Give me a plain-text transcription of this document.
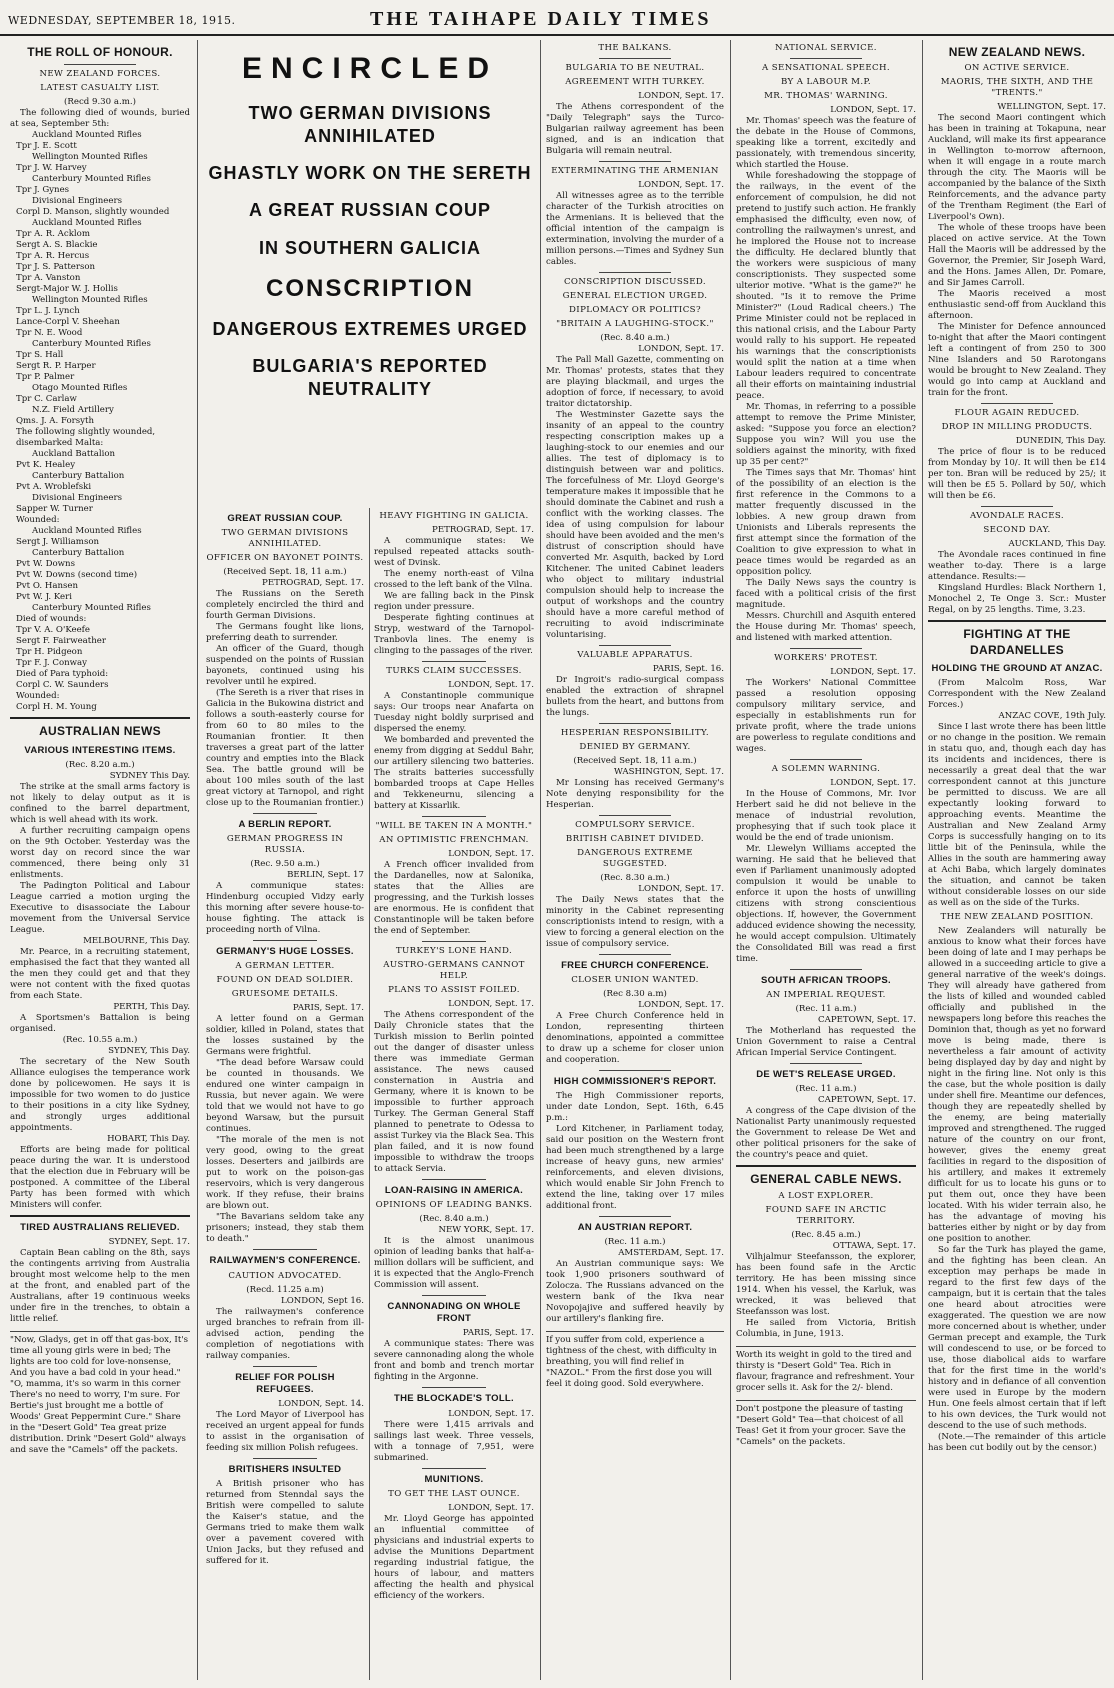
WEDNESDAY, SEPTEMBER 18, 1915.	THE TAIHAPE DAILY TIMES
THE ROLL OF HONOUR.
NEW ZEALAND FORCES.
LATEST CASUALTY LIST.
(Recd 9.30 a.m.)

The following died of wounds, buried at sea, September 5th:

Auckland Mounted Rifles
Tpr J. E. Scott
Wellington Mounted Rifles
Tpr J. W. Harvey
Canterbury Mounted Rifles
Tpr J. Gynes
Divisional Engineers
Corpl D. Manson, slightly wounded
Auckland Mounted Rifles
Tpr A. R. Acklom
Sergt A. S. Blackie
Tpr A. R. Hercus
Tpr J. S. Patterson
Tpr A. Vanston
Sergt-Major W. J. Hollis
Wellington Mounted Rifles
Tpr L. J. Lynch
Lance-Corpl V. Sheehan
Tpr N. E. Wood
Canterbury Mounted Rifles
Tpr S. Hall
Sergt R. P. Harper
Tpr P. Palmer
Otago Mounted Rifles
Tpr C. Carlaw
N.Z. Field Artillery
Qms. J. A. Forsyth
The following slightly wounded, disembarked Malta:
Auckland Battalion
Pvt K. Healey
Canterbury Battalion
Pvt A. Wroblefski
Divisional Engineers
Sapper W. Turner
Wounded:
Auckland Mounted Rifles
Sergt J. Williamson
Canterbury Battalion
Pvt W. Downs
Pvt W. Downs (second time)
Pvt O. Hansen
Pvt W. J. Keri
Canterbury Mounted Rifles
Died of wounds:
Tpr V. A. O'Keefe
Sergt F. Fairweather
Tpr H. Pidgeon
Tpr F. J. Conway
Died of Para typhoid:
Corpl C. W. Saunders
Wounded:
Corpl H. M. Young
AUSTRALIAN NEWS
VARIOUS INTERESTING ITEMS.
(Rec. 8.20 a.m.)
SYDNEY This Day.

The strike at the small arms factory is not likely to delay output as it is confined to the barrel department, which is well ahead with its work.

A further recruiting campaign opens on the 9th October. Yesterday was the worst day on record since the war commenced, there being only 31 enlistments.

The Padington Political and Labour League carried a motion urging the Executive to disassociate the Labour movement from the Universal Service League.

MELBOURNE, This Day.

Mr. Pearce, in a recruiting statement, emphasised the fact that they wanted all the men they could get and that they were not content with the fixed quotas from each State.

PERTH, This Day.

A Sportsmen's Battalion is being organised.

(Rec. 10.55 a.m.)
SYDNEY, This Day.

The secretary of the New South Alliance eulogises the temperance work done by policewomen. He says it is impossible for two women to do justice to their positions in a city like Sydney, and strongly urges additional appointments.

HOBART, This Day.

Efforts are being made for political peace during the war. It is understood that the election due in February will be postponed. A committee of the Liberal Party has been formed with which Ministers will confer.

TIRED AUSTRALIANS RELIEVED.
SYDNEY, Sept. 17.

Captain Bean cabling on the 8th, says the contingents arriving from Australia brought most welcome help to the men at the front, and enabled part of the Australians, after 19 continuous weeks under fire in the trenches, to obtain a little relief.

"Now, Gladys, get in off that gas-box, It's time all young girls were in bed; The lights are too cold for love-nonsense, And you have a bad cold in your head." "O, mamma, it's so warm in this corner There's no need to worry, I'm sure. For Bertie's just brought me a bottle of Woods' Great Peppermint Cure." Share in the "Desert Gold" Tea great prize distribution. Drink "Desert Gold" always and save the "Camels" off the packets.
ENCIRCLED
TWO GERMAN DIVISIONS ANNIHILATED
GHASTLY WORK ON THE SERETH
A GREAT RUSSIAN COUP
IN SOUTHERN GALICIA
CONSCRIPTION
DANGEROUS EXTREMES URGED
BULGARIA'S REPORTED NEUTRALITY
GREAT RUSSIAN COUP.
TWO GERMAN DIVISIONS ANNIHILATED.
OFFICER ON BAYONET POINTS.
(Received Sept. 18, 11 a.m.)
PETROGRAD, Sept. 17.

The Russians on the Sereth completely encircled the third and fourth German Divisions.

The Germans fought like lions, preferring death to surrender.

An officer of the Guard, though suspended on the points of Russian bayonets, continued using his revolver until he expired.

(The Sereth is a river that rises in Galicia in the Bukowina district and follows a south-easterly course for from 60 to 80 miles to the Roumanian frontier. It then traverses a great part of the latter country and empties into the Black Sea. The battle ground will be about 100 miles south of the last great victory at Tarnopol, and right close up to the Roumanian frontier.)

A BERLIN REPORT.
GERMAN PROGRESS IN RUSSIA.
(Rec. 9.50 a.m.)
BERLIN, Sept. 17

A communique states: Hindenburg occupied Vidzy early this morning after severe house-to-house fighting. The attack is proceeding north of Vilna.

GERMANY'S HUGE LOSSES.
A GERMAN LETTER.
FOUND ON DEAD SOLDIER.
GRUESOME DETAILS.
PARIS, Sept. 17.

A letter found on a German soldier, killed in Poland, states that the losses sustained by the Germans were frightful.

"The dead before Warsaw could be counted in thousands. We endured one winter campaign in Russia, but never again. We were told that we would not have to go beyond Warsaw, but the pursuit continues.

"The morale of the men is not very good, owing to the great losses. Deserters and jailbirds are put to work on the poison-gas reservoirs, which is very dangerous work. If they refuse, their brains are blown out.

"The Bavarians seldom take any prisoners; instead, they stab them to death."

RAILWAYMEN'S CONFERENCE.
CAUTION ADVOCATED.
(Recd. 11.25 a.m)
LONDON, Sept 16.

The railwaymen's conference urged branches to refrain from ill-advised action, pending the completion of negotiations with railway companies.

RELIEF FOR POLISH REFUGEES.
LONDON, Sept. 14.

The Lord Mayor of Liverpool has received an urgent appeal for funds to assist in the organisation of feeding six million Polish refugees.

BRITISHERS INSULTED

A British prisoner who has returned from Stenndal says the British were compelled to salute the Kaiser's statue, and the Germans tried to make them walk over a pavement covered with Union Jacks, but they refused and suffered for it.

HEAVY FIGHTING IN GALICIA.
PETROGRAD, Sept. 17.

A communique states: We repulsed repeated attacks south-west of Dvinsk.

The enemy north-east of Vilna crossed to the left bank of the Vilna.

We are falling back in the Pinsk region under pressure.

Desperate fighting continues at Stryp, westward of the Tarnopol-Tranbovla lines. The enemy is clinging to the passages of the river.

TURKS CLAIM SUCCESSES.
LONDON, Sept. 17.

A Constantinople communique says: Our troops near Anafarta on Tuesday night boldly surprised and dispersed the enemy.

We bombarded and prevented the enemy from digging at Seddul Bahr, our artillery silencing two batteries. The straits batteries successfully bombarded troops at Cape Helles and Tekkeneurnu, silencing a battery at Kissarlik.

"WILL BE TAKEN IN A MONTH."
AN OPTIMISTIC FRENCHMAN.
LONDON, Sept. 17.

A French officer invalided from the Dardanelles, now at Salonika, states that the Allies are progressing, and the Turkish losses are enormous. He is confident that Constantinople will be taken before the end of September.

TURKEY'S LONE HAND.
AUSTRO-GERMANS CANNOT HELP.
PLANS TO ASSIST FOILED.
LONDON, Sept. 17.

The Athens correspondent of the Daily Chronicle states that the Turkish mission to Berlin pointed out the danger of disaster unless there was immediate German assistance. The news caused consternation in Austria and Germany, where it is known to be impossible to further approach Turkey. The German General Staff planned to penetrate to Odessa to assist Turkey via the Black Sea. This plan failed, and it is now found impossible to withdraw the troops to attack Servia.

LOAN-RAISING IN AMERICA.
OPINIONS OF LEADING BANKS.
(Rec. 8.40 a.m.)
NEW YORK, Sept. 17.

It is the almost unanimous opinion of leading banks that half-a-million dollars will be sufficient, and it is expected that the Anglo-French Commission will assent.

CANNONADING ON WHOLE FRONT
PARIS, Sept. 17.

A communique states: There was severe cannonading along the whole front and bomb and trench mortar fighting in the Argonne.

THE BLOCKADE'S TOLL.
LONDON, Sept. 17.

There were 1,415 arrivals and sailings last week. Three vessels, with a tonnage of 7,951, were submarined.

MUNITIONS.
TO GET THE LAST OUNCE.
LONDON, Sept. 17.

Mr. Lloyd George has appointed an influential committee of physicians and industrial experts to advise the Munitions Department regarding industrial fatigue, the hours of labour, and matters affecting the health and physical efficiency of the workers.

THE BALKANS.
BULGARIA TO BE NEUTRAL.
AGREEMENT WITH TURKEY.
LONDON, Sept. 17.

The Athens correspondent of the "Daily Telegraph" says the Turco-Bulgarian railway agreement has been signed, and is an indication that Bulgaria will remain neutral.

EXTERMINATING THE ARMENIAN
LONDON, Sept. 17.

All witnesses agree as to the terrible character of the Turkish atrocities on the Armenians. It is believed that the official intention of the campaign is extermination, involving the murder of a million persons.—Times and Sydney Sun cables.

CONSCRIPTION DISCUSSED.
GENERAL ELECTION URGED.
DIPLOMACY OR POLITICS?
"BRITAIN A LAUGHING-STOCK."
(Rec. 8.40 a.m.)
LONDON, Sept. 17.

The Pall Mall Gazette, commenting on Mr. Thomas' protests, states that they are playing blackmail, and urges the adoption of force, if necessary, to avoid traitor dictatorship.

The Westminster Gazette says the insanity of an appeal to the country respecting conscription makes up a laughing-stock to our enemies and our allies. The test of diplomacy is to distinguish between war and politics. The forcefulness of Mr. Lloyd George's temperature makes it impossible that he should dominate the Cabinet and rush a conflict with the working classes. The idea of using compulsion for labour should have been avoided and the men's distrust of conscription should have converted Mr. Asquith, backed by Lord Kitchener. The united Cabinet leaders who object to military industrial compulsion should help to increase the output of workshops and the country should have a more careful method of recruiting to avoid indiscriminate voluntarising.

VALUABLE APPARATUS.
PARIS, Sept. 16.

Dr Ingroit's radio-surgical compass enabled the extraction of shrapnel bullets from the heart, and buttons from the lungs.

HESPERIAN RESPONSIBILITY.
DENIED BY GERMANY.
(Received Sept. 18, 11 a.m.)
WASHINGTON, Sept. 17.

Mr Lonsing has received Germany's Note denying responsibility for the Hesperian.

COMPULSORY SERVICE.
BRITISH CABINET DIVIDED.
DANGEROUS EXTREME SUGGESTED.
(Rec. 8.30 a.m.)
LONDON, Sept. 17.

The Daily News states that the minority in the Cabinet representing conscriptionists intend to resign, with a view to forcing a general election on the issue of compulsory service.

FREE CHURCH CONFERENCE.
CLOSER UNION WANTED.
(Rec 8.30 a.m)
LONDON, Sept. 17.

A Free Church Conference held in London, representing thirteen denominations, appointed a committee to draw up a scheme for closer union and cooperation.

HIGH COMMISSIONER'S REPORT.

The High Commissioner reports, under date London, Sept. 16th, 6.45 p.m.:

Lord Kitchener, in Parliament today, said our position on the Western front had been much strengthened by a large increase of heavy guns, new armies' reinforcements, and eleven divisions, which would enable Sir John French to extend the line, taking over 17 miles additional front.

AN AUSTRIAN REPORT.
(Rec. 11 a.m.)
AMSTERDAM, Sept. 17.

An Austrian communique says: We took 1,900 prisoners southward of Zolocza. The Russians advanced on the western bank of the Ikva near Novopojajive and suffered heavily by our artillery's flanking fire.

If you suffer from cold, experience a tightness of the chest, with difficulty in breathing, you will find relief in "NAZOL." From the first dose you will feel it doing good. Sold everywhere.
NATIONAL SERVICE.
A SENSATIONAL SPEECH.
BY A LABOUR M.P.
MR. THOMAS' WARNING.
LONDON, Sept. 17.

Mr. Thomas' speech was the feature of the debate in the House of Commons, speaking like a torrent, excitedly and passionately, with tremendous sincerity, which startled the House.

While foreshadowing the stoppage of the railways, in the event of the enforcement of compulsion, he did not pretend to justify such action. He frankly emphasised the difficulty, even now, of controlling the railwaymen's unrest, and he implored the House not to increase the difficulty. He declared bluntly that the workers were suspicious of many conscriptionists. They suspected some ulterior motive. "What is the game?" he shouted. "Is it to remove the Prime Minister?" (Loud Radical cheers.) The Prime Minister could not be replaced in this national crisis, and the Labour Party would rally to his support. He repeated his warnings that the conscriptionists would split the nation at a time when Labour leaders required to concentrate all their efforts on maintaining industrial peace.

Mr. Thomas, in referring to a possible attempt to remove the Prime Minister, asked: "Suppose you force an election? Suppose you win? Will you use the soldiers against the minority, with fixed up 35 per cent?"

The Times says that Mr. Thomas' hint of the possibility of an election is the first reference in the Commons to a matter frequently discussed in the lobbies. A new group drawn from Unionists and Liberals represents the first attempt since the formation of the Coalition to give expression to what in peace times would be regarded as an opposition policy.

The Daily News says the country is faced with a political crisis of the first magnitude.

Messrs. Churchill and Asquith entered the House during Mr. Thomas' speech, and listened with marked attention.

WORKERS' PROTEST.
LONDON, Sept. 17.

The Workers' National Committee passed a resolution opposing compulsory military service, and especially in establishments run for private profit, where the trade unions are powerless to regulate conditions and wages.

A SOLEMN WARNING.
LONDON, Sept. 17.

In the House of Commons, Mr. Ivor Herbert said he did not believe in the menace of industrial revolution, prophesying that if such took place it would be the end of trade unionism.

Mr. Llewelyn Williams accepted the warning. He said that he believed that even if Parliament unanimously adopted compulsion it would be unable to enforce it upon the hosts of unwilling citizens with strong conscientious objections. If, however, the Government adduced evidence showing the necessity, he would accept compulsion. Ultimately the Consolidated Bill was read a first time.

SOUTH AFRICAN TROOPS.
AN IMPERIAL REQUEST.
(Rec. 11 a.m.)
CAPETOWN, Sept. 17.

The Motherland has requested the Union Government to raise a Central African Imperial Service Contingent.

DE WET'S RELEASE URGED.
(Rec. 11 a.m.)
CAPETOWN, Sept. 17.

A congress of the Cape division of the Nationalist Party unanimously requested the Government to release De Wet and other political prisoners for the sake of the country's peace and quiet.

GENERAL CABLE NEWS.
A LOST EXPLORER.
FOUND SAFE IN ARCTIC TERRITORY.
(Rec. 8.45 a.m.)
OTTAWA, Sept. 17.

Vilhjalmur Steefansson, the explorer, has been found safe in the Arctic territory. He has been missing since 1914. When his vessel, the Karluk, was wrecked, it was believed that Steefansson was lost.

He sailed from Victoria, British Columbia, in June, 1913.

Worth its weight in gold to the tired and thirsty is "Desert Gold" Tea. Rich in flavour, fragrance and refreshment. Your grocer sells it. Ask for the 2/- blend.
Don't postpone the pleasure of tasting "Desert Gold" Tea—that choicest of all Teas! Get it from your grocer. Save the "Camels" on the packets.
NEW ZEALAND NEWS.
ON ACTIVE SERVICE.
MAORIS, THE SIXTH, AND THE "TRENTS."
WELLINGTON, Sept. 17.

The second Maori contingent which has been in training at Tokapuna, near Auckland, will make its first appearance in Wellington to-morrow afternoon, when it will engage in a route march through the city. The Maoris will be accompanied by the balance of the Sixth Reinforcements, and the advance party of the Trentham Regiment (the Earl of Liverpool's Own).

The whole of these troops have been placed on active service. At the Town Hall the Maoris will be addressed by the Governor, the Premier, Sir Joseph Ward, and the Hons. James Allen, Dr. Pomare, and Sir James Carroll.

The Maoris received a most enthusiastic send-off from Auckland this afternoon.

The Minister for Defence announced to-night that after the Maori contingent left a contingent of from 250 to 300 Nine Islanders and 50 Rarotongans would be brought to New Zealand. They would go into camp at Auckland and train for the front.

FLOUR AGAIN REDUCED.
DROP IN MILLING PRODUCTS.
DUNEDIN, This Day.

The price of flour is to be reduced from Monday by 10/. It will then be £14 per ton. Bran will be reduced by 25/; it will then be £5 5. Pollard by 50/, which will then be £6.

AVONDALE RACES.
SECOND DAY.
AUCKLAND, This Day.

The Avondale races continued in fine weather to-day. There is a large attendance. Results:—

Kingsland Hurdles: Black Northern 1, Monochel 2, Te Onge 3. Scr.: Muster Regal, on by 25 lengths. Time, 3.23.

FIGHTING AT THE DARDANELLES
HOLDING THE GROUND AT ANZAC.

(From Malcolm Ross, War Correspondent with the New Zealand Forces.)

ANZAC COVE, 19th July.

Since I last wrote there has been little or no change in the position. We remain in statu quo, and, though each day has its incidents and incidences, there is necessarily a great deal that the war correspondent cannot at this juncture be permitted to discuss. We are all expectantly looking forward to approaching events. Meantime the Australian and New Zealand Army Corps is successfully hanging on to its little bit of the Peninsula, while the Allies in the south are hammering away at Achi Baba, which largely dominates the situation, and cannot be taken without considerable losses on our side as well as on the side of the Turks.

THE NEW ZEALAND POSITION.

New Zealanders will naturally be anxious to know what their forces have been doing of late and I may perhaps be allowed in a succeeding article to give a general narrative of the week's doings. They will already have gathered from the lists of killed and wounded cabled officially and published in the newspapers long before this reaches the Dominion that, though as yet no forward move is being made, there is nevertheless a fair amount of activity being displayed day by day and night by night in the firing line. Not only is this the case, but the whole position is daily under shell fire. Meantime our defences, though they are repeatedly shelled by the enemy, are being materially improved and strengthened. The rugged nature of the country on our front, however, gives the enemy great facilities in regard to the disposition of his artillery, and makes it extremely difficult for us to locate his guns or to put them out, once they have been located. With his wider terrain also, he has the advantage of moving his batteries either by night or by day from one position to another.

So far the Turk has played the game, and the fighting has been clean. An exception may perhaps be made in regard to the first few days of the campaign, but it is certain that the tales one heard about atrocities were exaggerated. The question we are now more concerned about is whether, under German precept and example, the Turk will condescend to use, or be forced to use, those diabolical aids to warfare that for the first time in the world's history and in defiance of all convention were used in Europe by the modern Hun. One feels almost certain that if left to his own devices, the Turk would not descend to the use of such methods.

(Note.—The remainder of this article has been cut bodily out by the censor.)
